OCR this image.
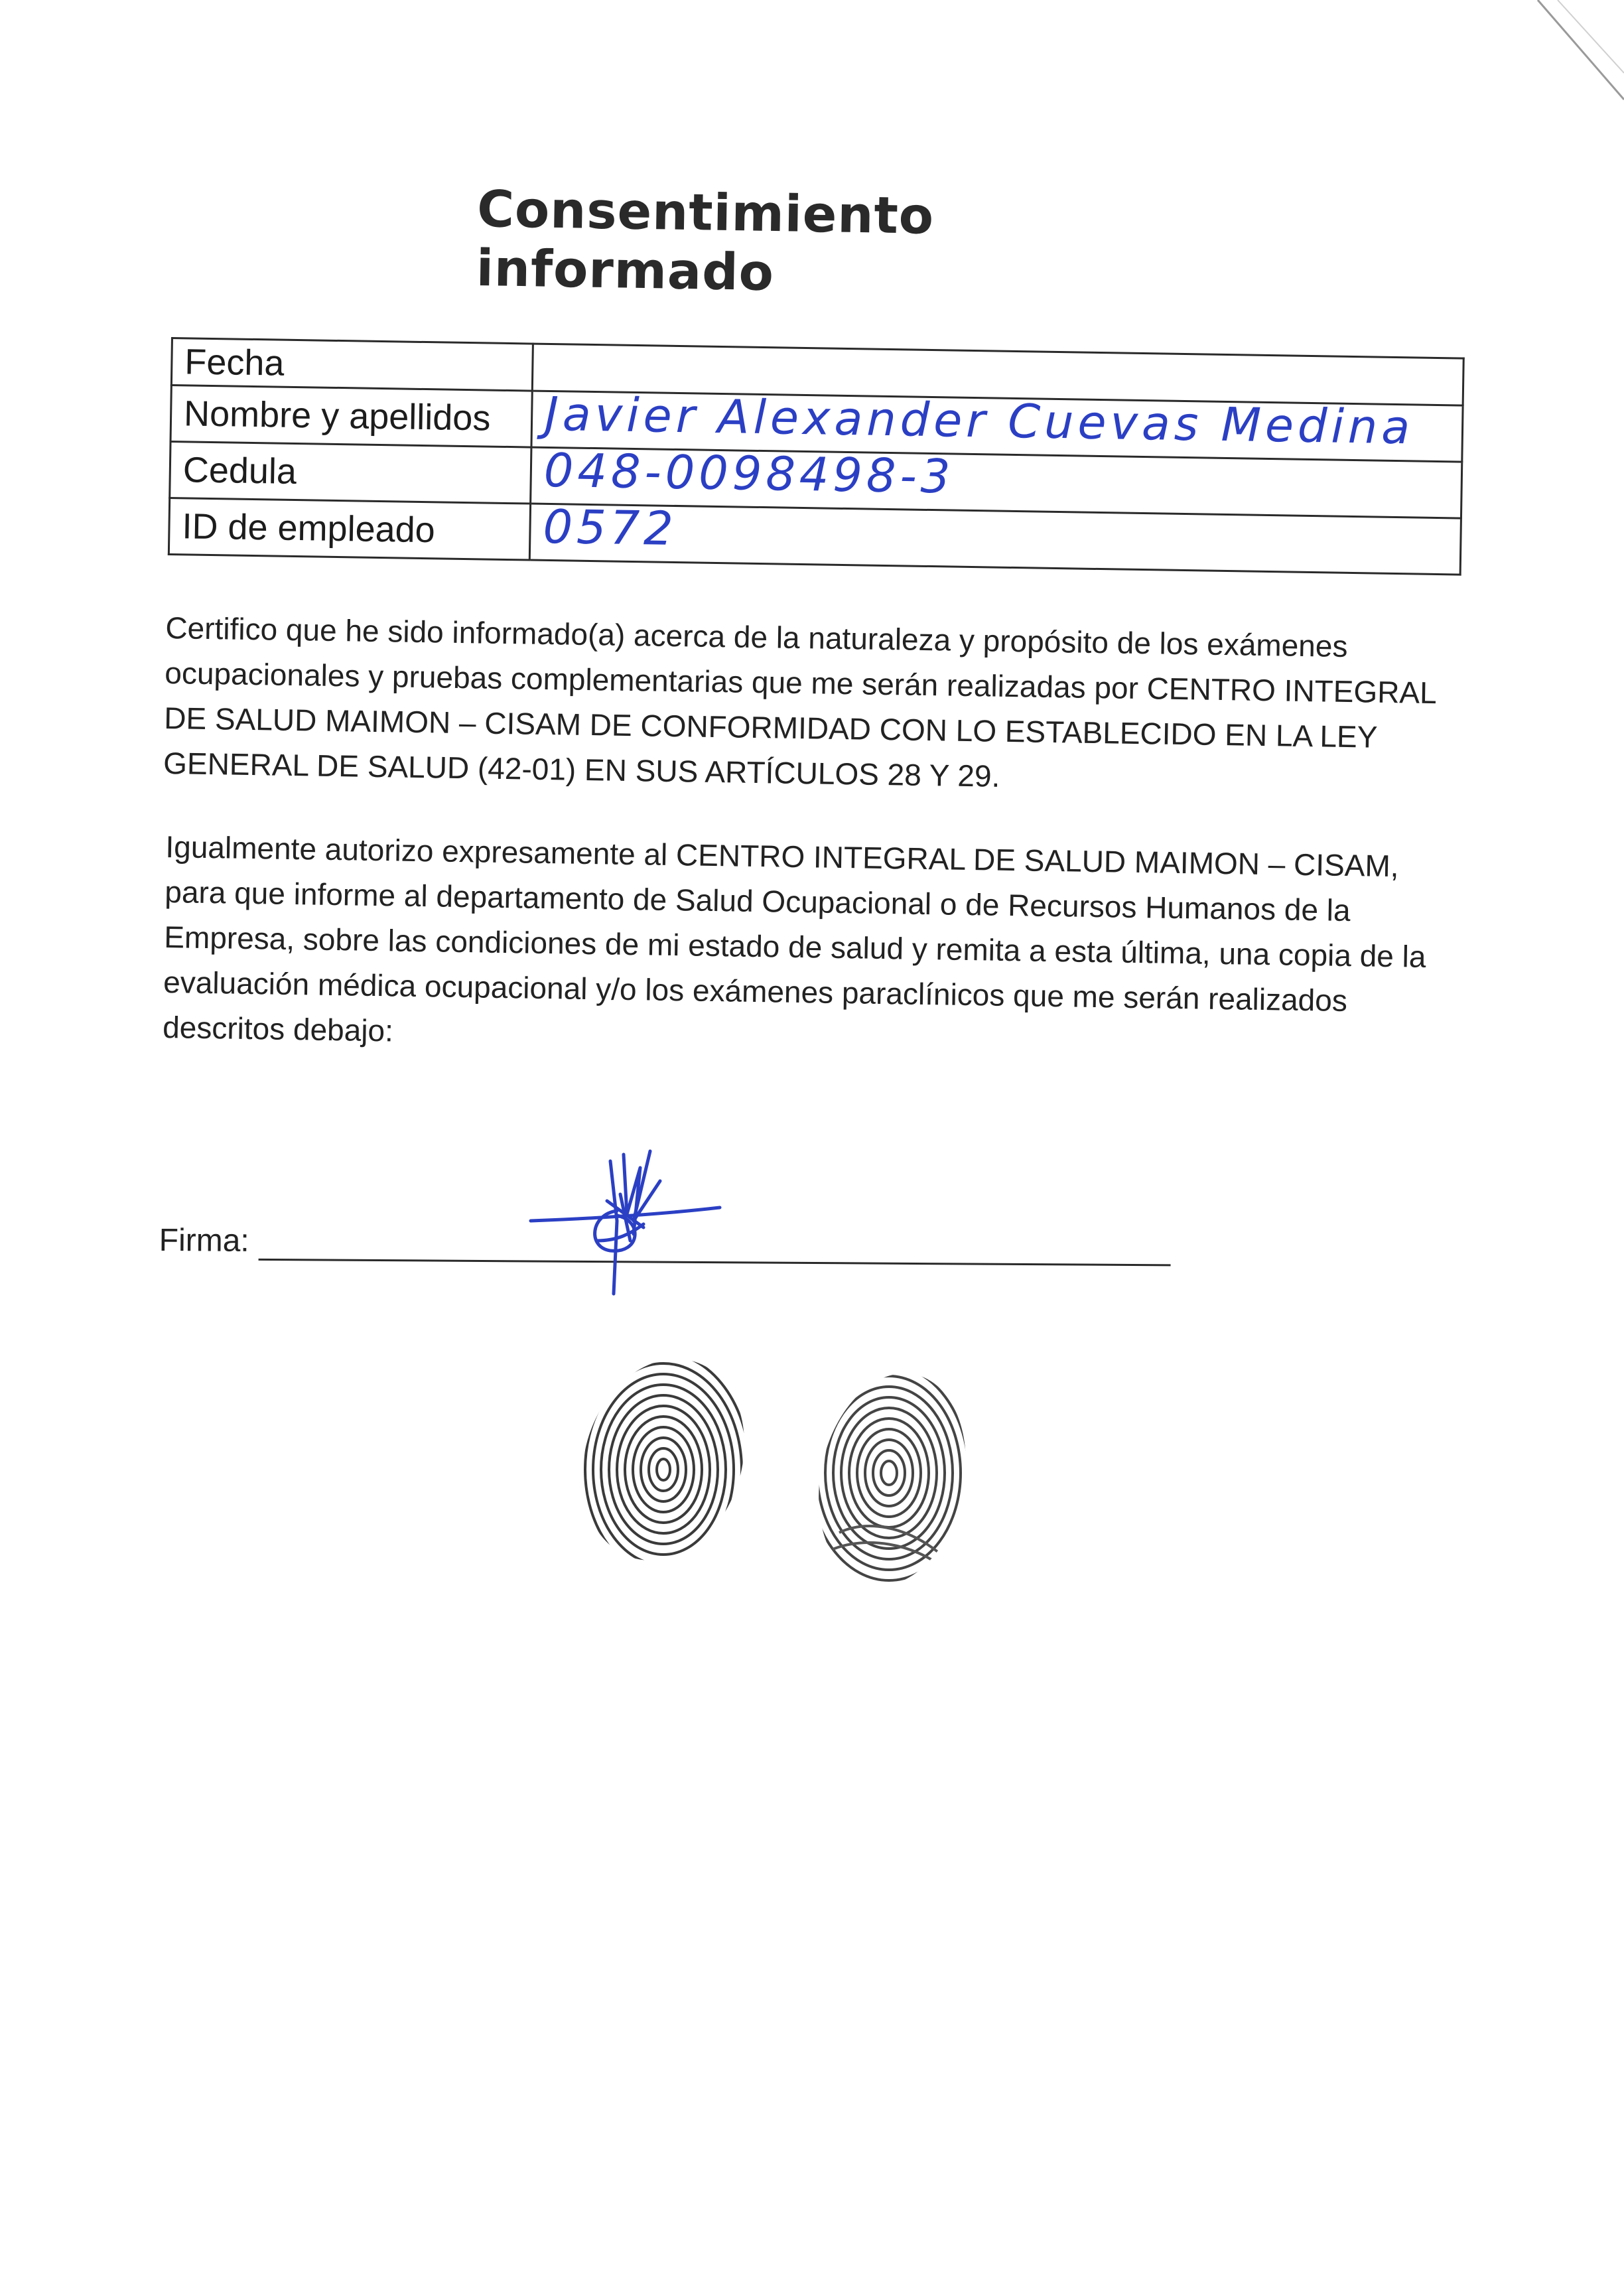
Consentimiento informado
Fecha	
Nombre y apellidos	Javier Alexander Cuevas Medina
Cedula	048-0098498-3
ID de empleado	0572
Certifico que he sido informado(a) acerca de la naturaleza y propósito de los exámenes ocupacionales y pruebas complementarias que me serán realizadas por CENTRO INTEGRAL DE SALUD MAIMON – CISAM DE CONFORMIDAD CON LO ESTABLECIDO EN LA LEY GENERAL DE SALUD (42-01) EN SUS ARTÍCULOS 28 Y 29.
Igualmente autorizo expresamente al CENTRO INTEGRAL DE SALUD MAIMON – CISAM, para que informe al departamento de Salud Ocupacional o de Recursos Humanos de la Empresa, sobre las condiciones de mi estado de salud y remita a esta última, una copia de la evaluación médica ocupacional y/o los exámenes paraclínicos que me serán realizados descritos debajo:
Firma:
